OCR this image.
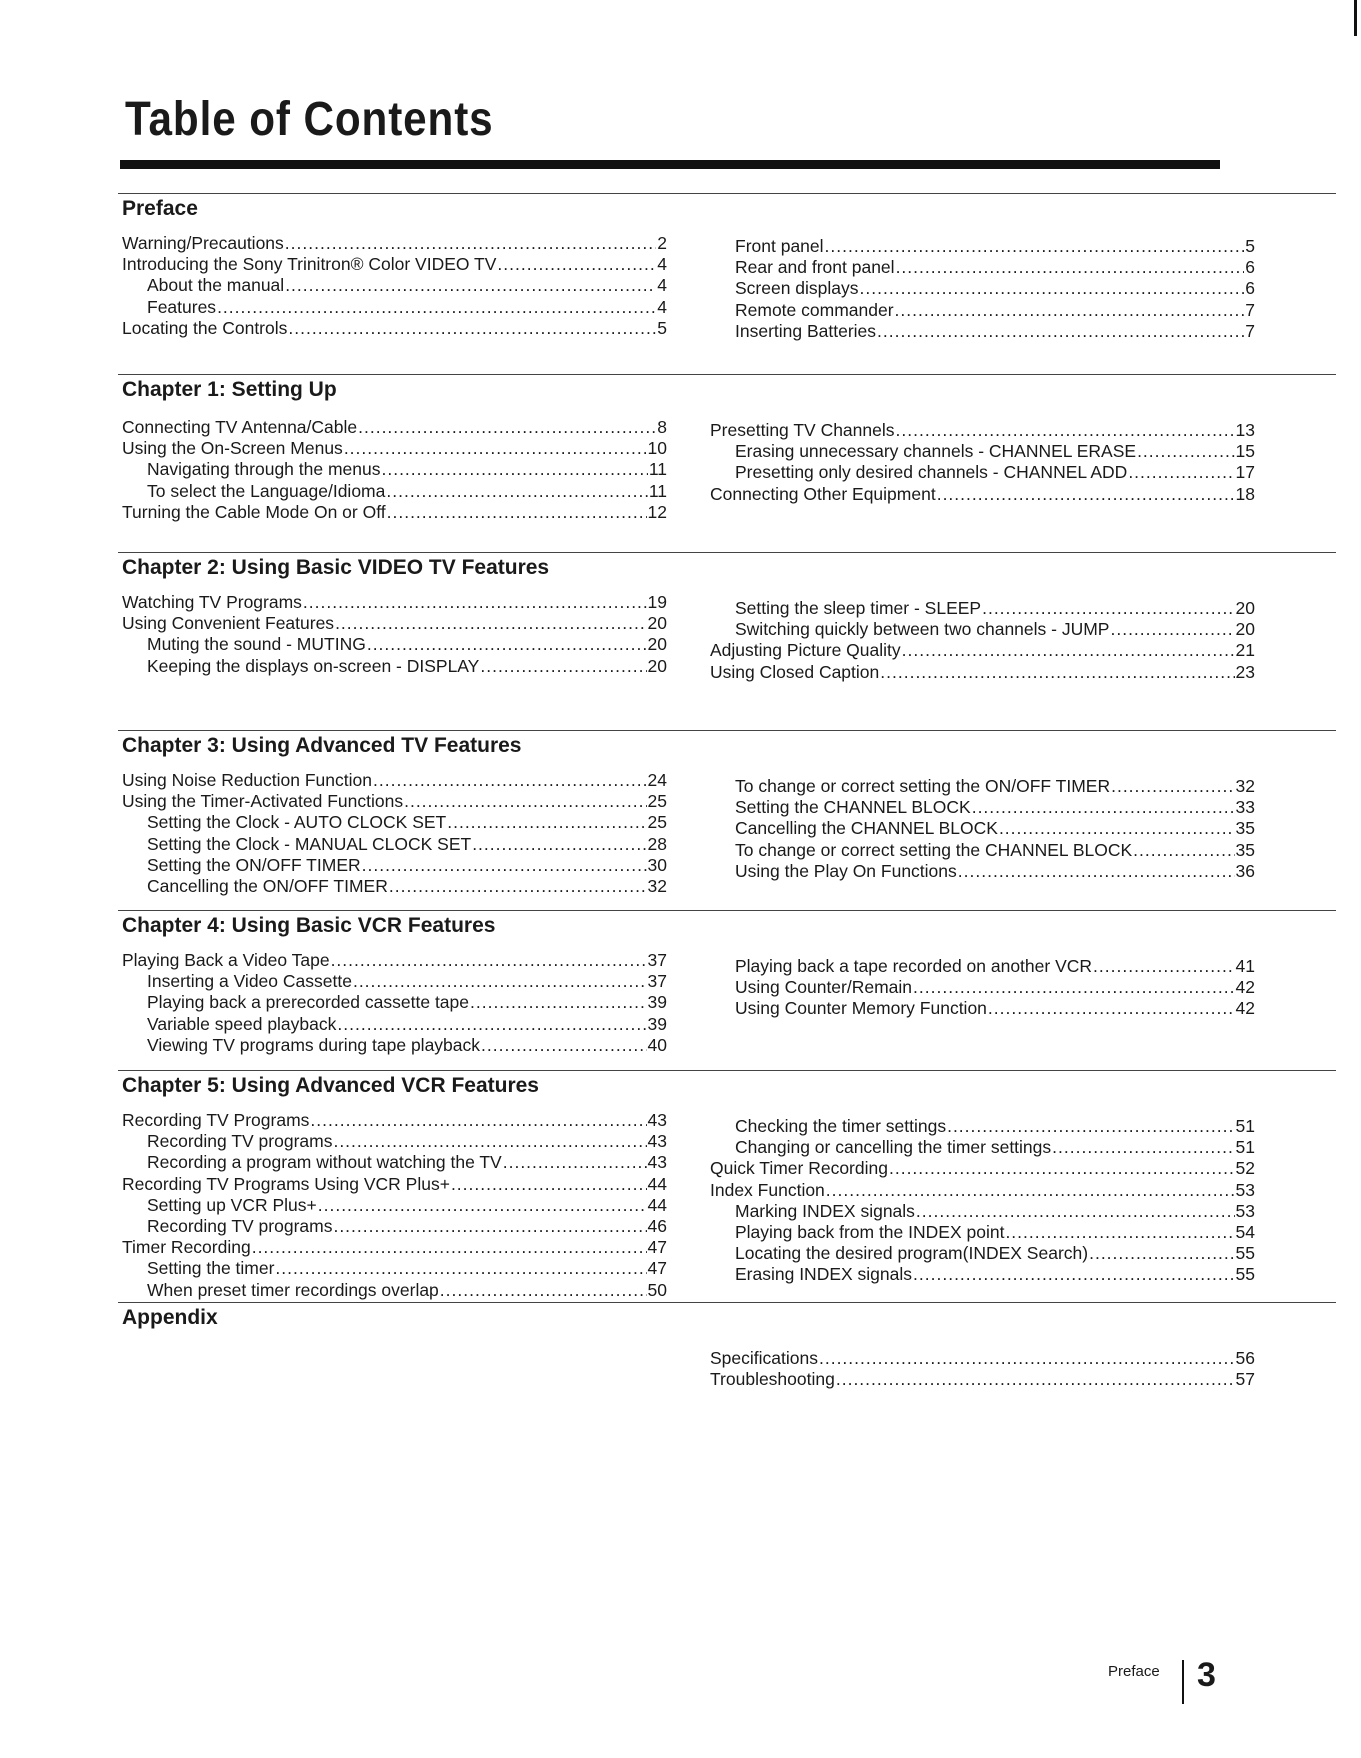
Table of Contents
Preface
Warning/Precautions .....	2
Introducing the Sony Trinitron® Color VIDEO TV .....	4
About the manual .....	4
Features .....	4
Locating the Controls .....	5
Front panel .....	5
Rear and front panel .....	6
Screen displays .....	6
Remote commander .....	7
Inserting Batteries .....	7
Chapter 1: Setting Up
Connecting TV Antenna/Cable .....	8
Using the On-Screen Menus .....	10
Navigating through the menus .....	11
To select the Language/Idioma .....	11
Turning the Cable Mode On or Off .....	12
Presetting TV Channels .....	13
Erasing unnecessary channels - CHANNEL ERASE .....	15
Presetting only desired channels - CHANNEL ADD .....	17
Connecting Other Equipment .....	18
Chapter 2: Using Basic VIDEO TV Features
Watching TV Programs .....	19
Using Convenient Features .....	20
Muting the sound - MUTING .....	20
Keeping the displays on-screen - DISPLAY .....	20
Setting the sleep timer - SLEEP .....	20
Switching quickly between two channels - JUMP .....	20
Adjusting Picture Quality .....	21
Using Closed Caption .....	23
Chapter 3: Using Advanced TV Features
Using Noise Reduction Function .....	24
Using the Timer-Activated Functions .....	25
Setting the Clock - AUTO CLOCK SET .....	25
Setting the Clock - MANUAL CLOCK SET .....	28
Setting the ON/OFF TIMER .....	30
Cancelling the ON/OFF TIMER .....	32
To change or correct setting the ON/OFF TIMER .....	32
Setting the CHANNEL BLOCK .....	33
Cancelling the CHANNEL BLOCK .....	35
To change or correct setting the CHANNEL BLOCK .....	35
Using the Play On Functions .....	36
Chapter 4: Using Basic VCR Features
Playing Back a Video Tape .....	37
Inserting a Video Cassette .....	37
Playing back a prerecorded cassette tape .....	39
Variable speed playback .....	39
Viewing TV programs during tape playback .....	40
Playing back a tape recorded on another VCR .....	41
Using Counter/Remain .....	42
Using Counter Memory Function .....	42
Chapter 5: Using Advanced VCR Features
Recording TV Programs .....	43
Recording TV programs .....	43
Recording a program without watching the TV .....	43
Recording TV Programs Using VCR Plus+ .....	44
Setting up VCR Plus+ .....	44
Recording TV programs .....	46
Timer Recording .....	47
Setting the timer .....	47
When preset timer recordings overlap .....	50
Checking the timer settings .....	51
Changing or cancelling the timer settings .....	51
Quick Timer Recording .....	52
Index Function .....	53
Marking INDEX signals .....	53
Playing back from the INDEX point .....	54
Locating the desired program(INDEX Search) .....	55
Erasing INDEX signals .....	55
Appendix
Specifications .....	56
Troubleshooting .....	57
Preface 3
